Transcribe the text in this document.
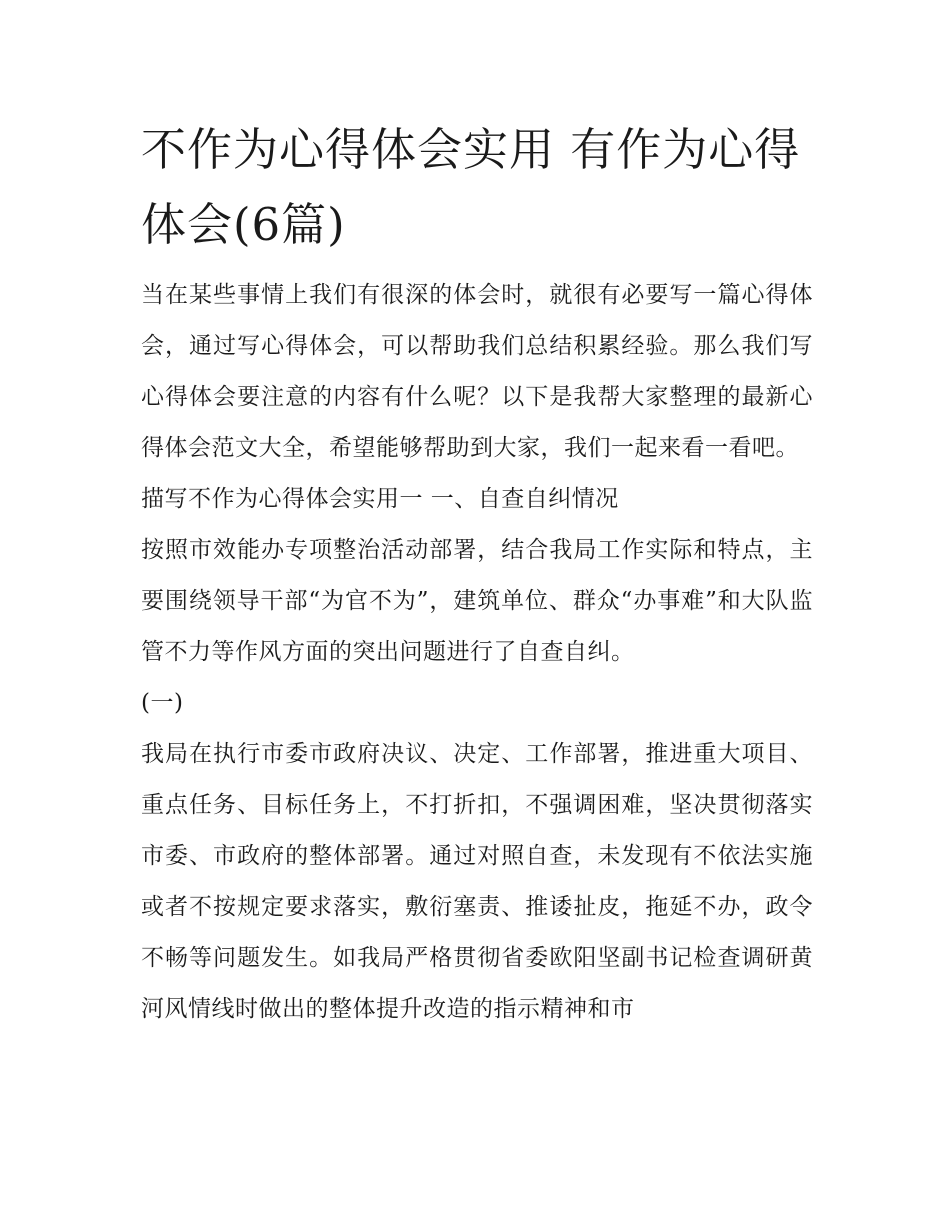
不作为心得体会实用 有作为心得体会(6篇)

当在某些事情上我们有很深的体会时，就很有必要写一篇心得体会，通过写心得体会，可以帮助我们总结积累经验。那么我们写心得体会要注意的内容有什么呢？以下是我帮大家整理的最新心得体会范文大全，希望能够帮助到大家，我们一起来看一看吧。

描写不作为心得体会实用一 一、自查自纠情况

按照市效能办专项整治活动部署，结合我局工作实际和特点，主要围绕领导干部“为官不为”，建筑单位、群众“办事难”和大队监管不力等作风方面的突出问题进行了自查自纠。

(一)

我局在执行市委市政府决议、决定、工作部署，推进重大项目、重点任务、目标任务上，不打折扣，不强调困难，坚决贯彻落实市委、市政府的整体部署。通过对照自查，未发现有不依法实施或者不按规定要求落实，敷衍塞责、推诿扯皮，拖延不办，政令不畅等问题发生。如我局严格贯彻省委欧阳坚副书记检查调研黄河风情线时做出的整体提升改造的指示精神和市
